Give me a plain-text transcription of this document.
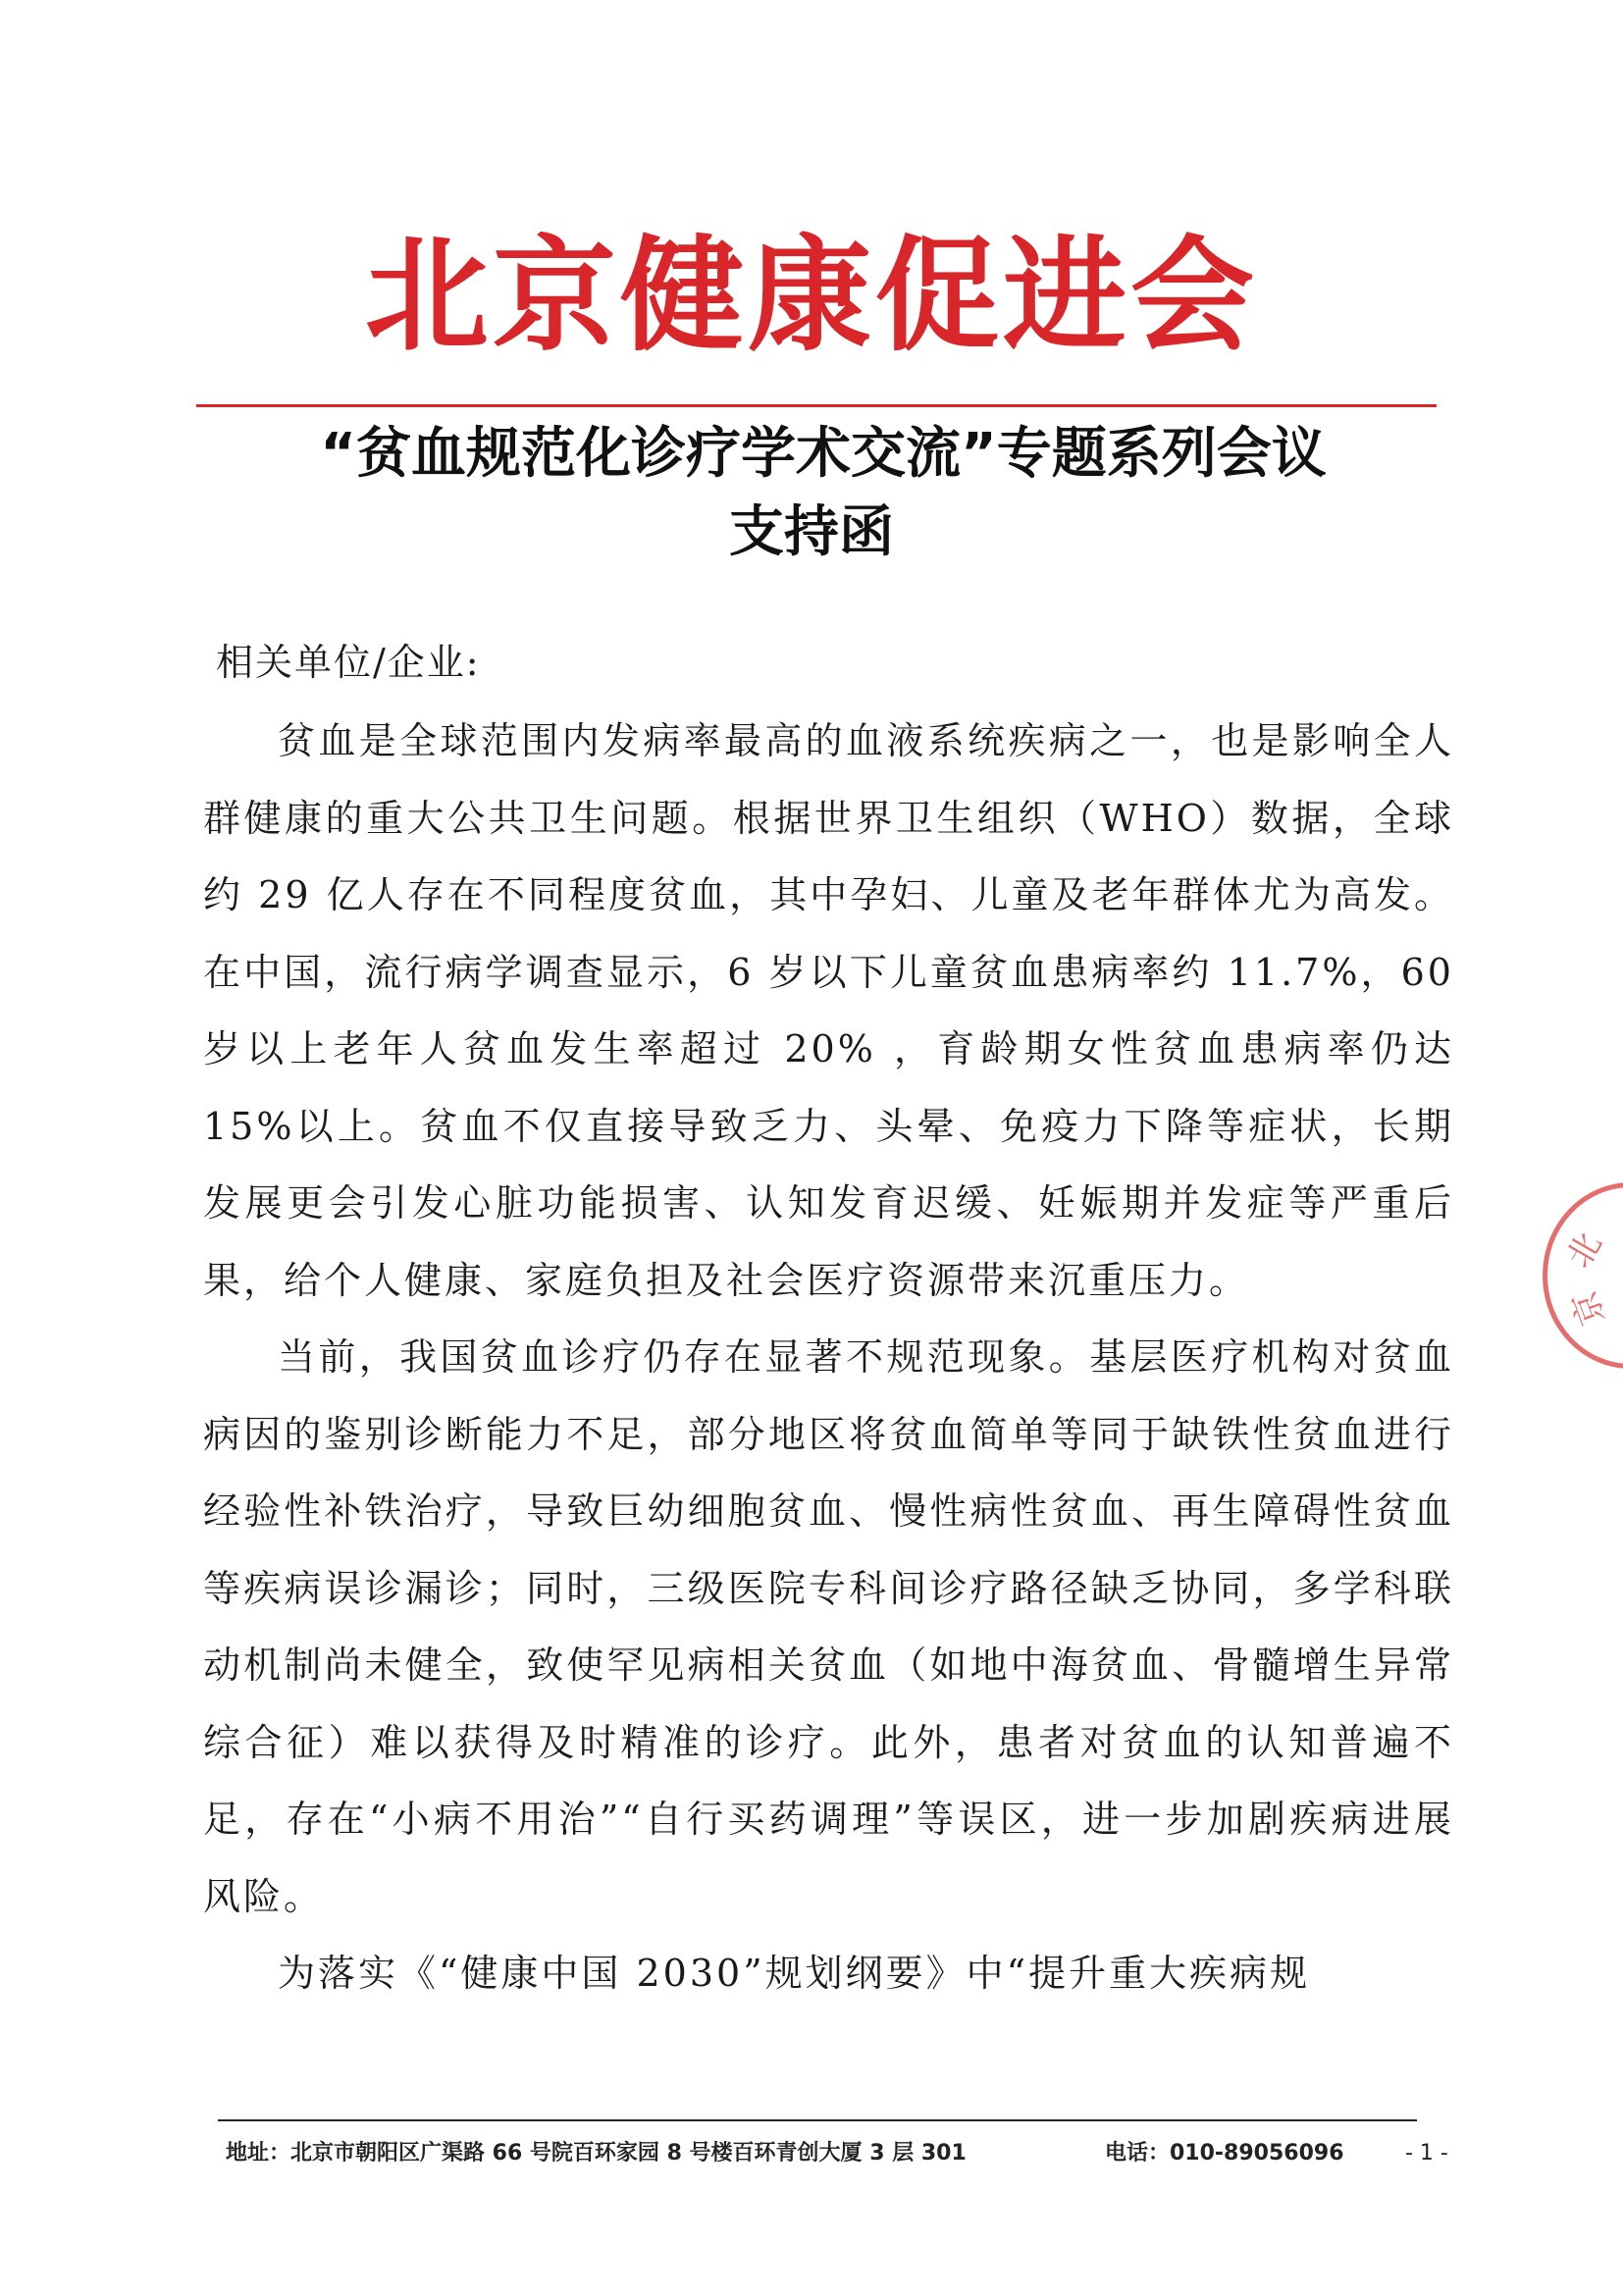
北京健康促进会
“贫血规范化诊疗学术交流”专题系列会议
支持函
相关单位/企业:

贫血是全球范围内发病率最高的血液系统疾病之一，也是影响全人群健康的重大公共卫生问题。根据世界卫生组织（WHO）数据，全球约 29 亿人存在不同程度贫血，其中孕妇、儿童及老年群体尤为高发。在中国，流行病学调查显示，6 岁以下儿童贫血患病率约 11.7%，60 岁以上老年人贫血发生率超过 20% ，育龄期女性贫血患病率仍达 15%以上。贫血不仅直接导致乏力、头晕、免疫力下降等症状，长期发展更会引发心脏功能损害、认知发育迟缓、妊娠期并发症等严重后果，给个人健康、家庭负担及社会医疗资源带来沉重压力。

当前，我国贫血诊疗仍存在显著不规范现象。基层医疗机构对贫血病因的鉴别诊断能力不足，部分地区将贫血简单等同于缺铁性贫血进行经验性补铁治疗，导致巨幼细胞贫血、慢性病性贫血、再生障碍性贫血等疾病误诊漏诊；同时，三级医院专科间诊疗路径缺乏协同，多学科联动机制尚未健全，致使罕见病相关贫血（如地中海贫血、骨髓增生异常综合征）难以获得及时精准的诊疗。此外，患者对贫血的认知普遍不足，存在“小病不用治”“自行买药调理”等误区，进一步加剧疾病进展风险。

为落实《“健康中国 2030”规划纲要》中“提升重大疾病规

北
京
地址：北京市朝阳区广渠路 66 号院百环家园 8 号楼百环青创大厦 3 层 301	电话：010-89056096	- 1 -
